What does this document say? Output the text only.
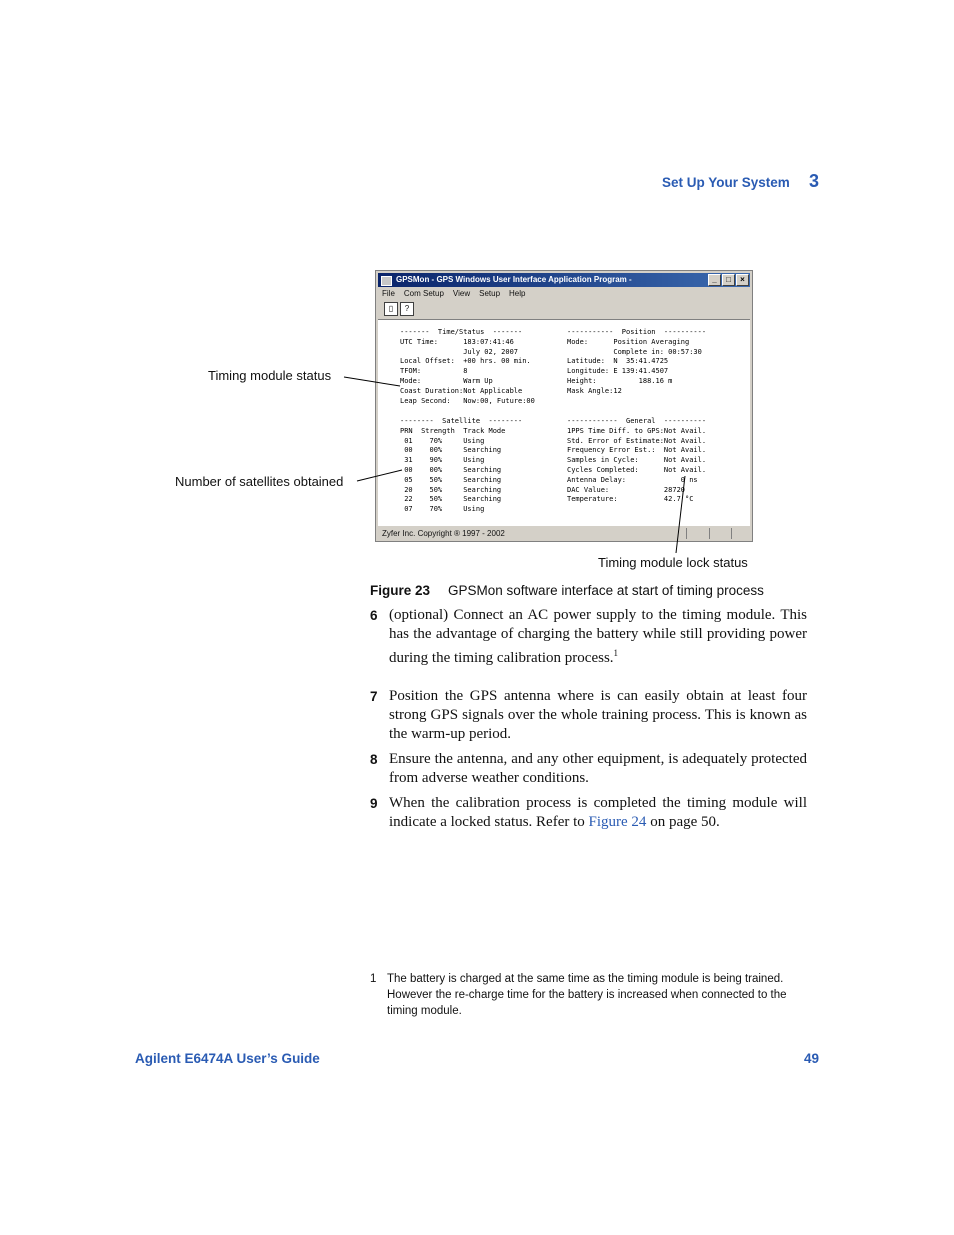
Set Up Your System 3
GPSMon - GPS Windows User Interface Application Program -	_	□	×
File Com Setup View Setup Help
▯	?
-------  Time/Status  -------
UTC Time:      183:07:41:46
July 02, 2007
Local Offset:  +00 hrs. 00 min.
TFOM:          8
Mode:          Warm Up
Coast Duration:Not Applicable
Leap Second:   Now:00, Future:00
-----------  Position  ----------
Mode:      Position Averaging
Complete in: 00:57:30
Latitude:  N  35:41.4725
Longitude: E 139:41.4507
Height:          188.16 m
Mask Angle:12
--------  Satellite  --------
PRN  Strength  Track Mode
01    70%     Using
00    00%     Searching
31    90%     Using
00    00%     Searching
05    50%     Searching
20    50%     Searching
22    50%     Searching
07    70%     Using
------------  General  ----------
1PPS Time Diff. to GPS:Not Avail.
Std. Error of Estimate:Not Avail.
Frequency Error Est.:  Not Avail.
Samples in Cycle:      Not Avail.
Cycles Completed:      Not Avail.
Antenna Delay:             0 ns
DAC Value:             28720
Temperature:           42.7 °C
Zyfer Inc. Copyright ® 1997 - 2002
Timing module status
Number of satellites obtained
Timing module lock status
Figure 23 GPSMon software interface at start of timing process
6 (optional) Connect an AC power supply to the timing module. This has the advantage of charging the battery while still providing power during the timing calibration process.$^1$
7 Position the GPS antenna where is can easily obtain at least four strong GPS signals over the whole training process. This is known as the warm-up period.
8 Ensure the antenna, and any other equipment, is adequately protected from adverse weather conditions.
9 When the calibration process is completed the timing module will indicate a locked status. Refer to Figure 24 on page 50.
1 The battery is charged at the same time as the timing module is being trained. However the re-charge time for the battery is increased when connected to the timing module.
Agilent E6474A User’s Guide	49
